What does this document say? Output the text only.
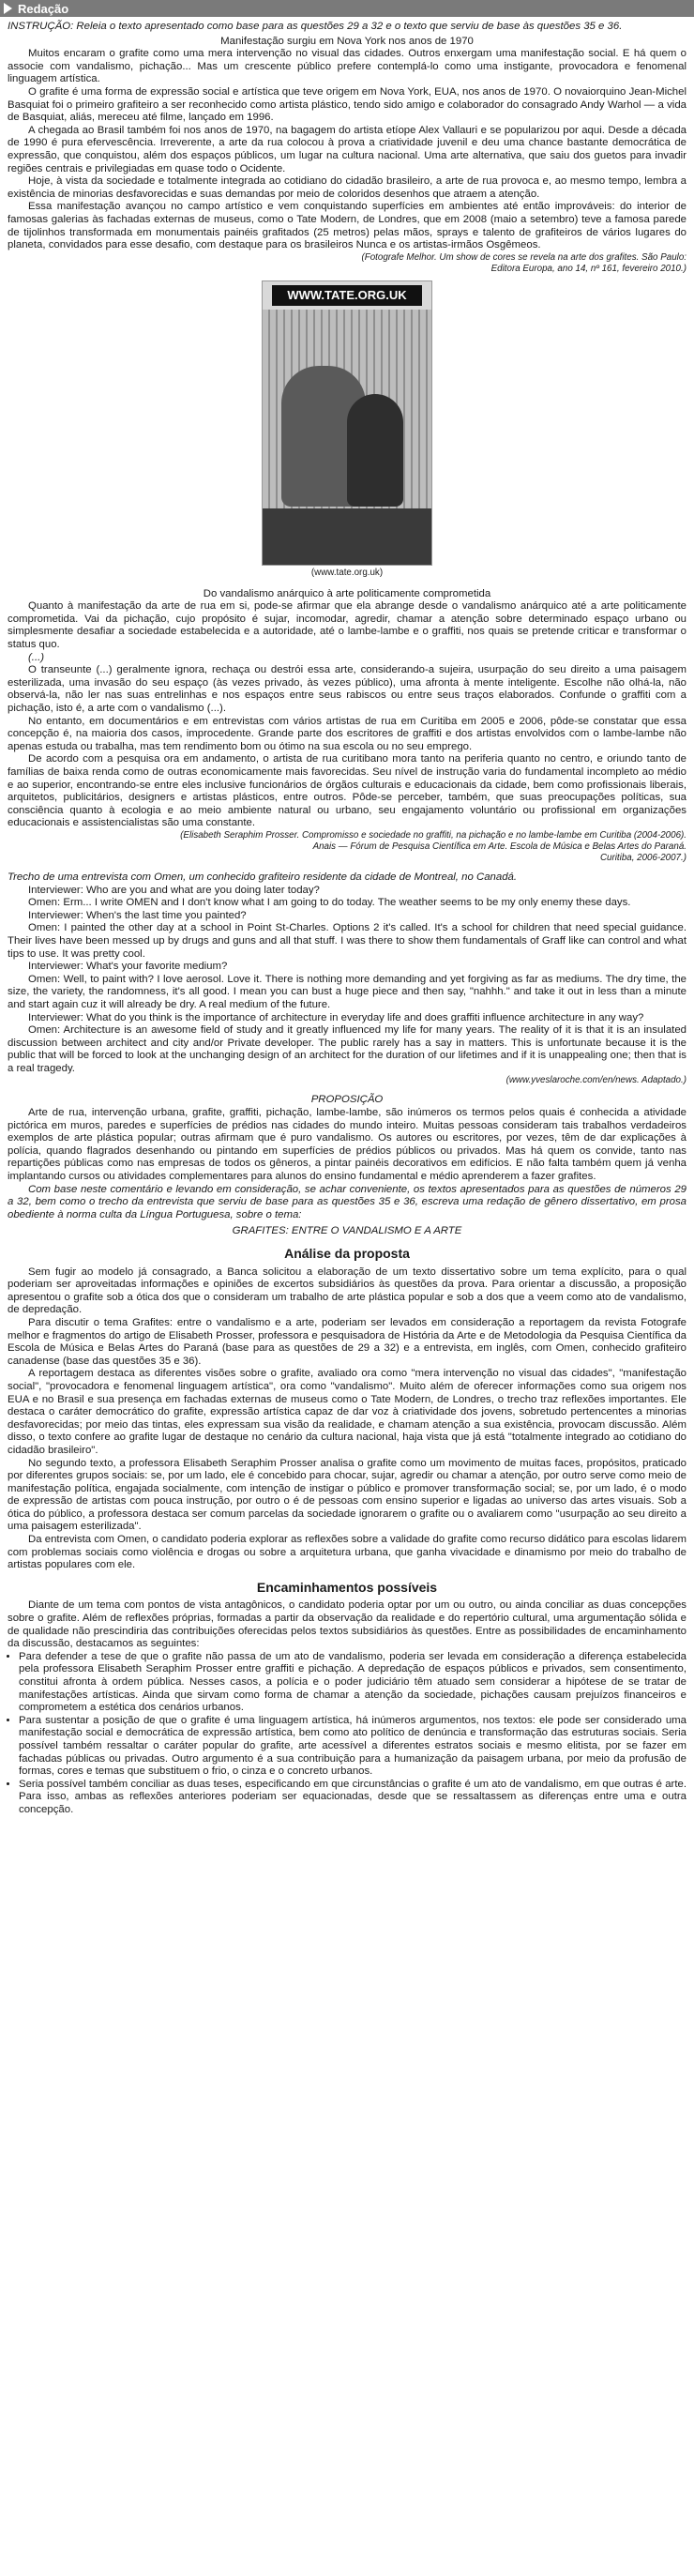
Redação

INSTRUÇÃO: Releia o texto apresentado como base para as questões 29 a 32 e o texto que serviu de base às questões 35 e 36.

Manifestação surgiu em Nova York nos anos de 1970

Muitos encaram o grafite como uma mera intervenção no visual das cidades. Outros enxergam uma manifestação social. E há quem o associe com vandalismo, pichação... Mas um crescente público prefere contemplá-lo como uma instigante, provocadora e fenomenal linguagem artística.

O grafite é uma forma de expressão social e artística que teve origem em Nova York, EUA, nos anos de 1970. O novaiorquino Jean-Michel Basquiat foi o primeiro grafiteiro a ser reconhecido como artista plástico, tendo sido amigo e colaborador do consagrado Andy Warhol — a vida de Basquiat, aliás, mereceu até filme, lançado em 1996.

A chegada ao Brasil também foi nos anos de 1970, na bagagem do artista etíope Alex Vallauri e se popularizou por aqui. Desde a década de 1990 é pura efervescência. Irreverente, a arte da rua colocou à prova a criatividade juvenil e deu uma chance bastante democrática de expressão, que conquistou, além dos espaços públicos, um lugar na cultura nacional. Uma arte alternativa, que saiu dos guetos para invadir regiões centrais e privilegiadas em quase todo o Ocidente.

Hoje, à vista da sociedade e totalmente integrada ao cotidiano do cidadão brasileiro, a arte de rua provoca e, ao mesmo tempo, lembra a existência de minorias desfavorecidas e suas demandas por meio de coloridos desenhos que atraem a atenção.

Essa manifestação avançou no campo artístico e vem conquistando superfícies em ambientes até então improváveis: do interior de famosas galerias às fachadas externas de museus, como o Tate Modern, de Londres, que em 2008 (maio a setembro) teve a famosa parede de tijolinhos transformada em monumentais painéis grafitados (25 metros) pelas mãos, sprays e talento de grafiteiros de vários lugares do planeta, convidados para esse desafio, com destaque para os brasileiros Nunca e os artistas-irmãos Osgêmeos.

(Fotografe Melhor. Um show de cores se revela na arte dos grafites. São Paulo:

Editora Europa, ano 14, nº 161, fevereiro 2010.)

WWW.TATE.ORG.UK
(www.tate.org.uk)

Do vandalismo anárquico à arte politicamente comprometida

Quanto à manifestação da arte de rua em si, pode-se afirmar que ela abrange desde o vandalismo anárquico até a arte politicamente comprometida. Vai da pichação, cujo propósito é sujar, incomodar, agredir, chamar a atenção sobre determinado espaço urbano ou simplesmente desafiar a sociedade estabelecida e a autoridade, até o lambe-lambe e o graffiti, nos quais se pretende criticar e transformar o status quo.

(...)

O transeunte (...) geralmente ignora, rechaça ou destrói essa arte, considerando-a sujeira, usurpação do seu direito a uma paisagem esterilizada, uma invasão do seu espaço (às vezes privado, às vezes público), uma afronta à mente inteligente. Escolhe não olhá-la, não observá-la, não ler nas suas entrelinhas e nos espaços entre seus rabiscos ou entre seus traços elaborados. Confunde o graffiti com a pichação, isto é, a arte com o vandalismo (...).

No entanto, em documentários e em entrevistas com vários artistas de rua em Curitiba em 2005 e 2006, pôde-se constatar que essa concepção é, na maioria dos casos, improcedente. Grande parte dos escritores de graffiti e dos artistas envolvidos com o lambe-lambe não apenas estuda ou trabalha, mas tem rendimento bom ou ótimo na sua escola ou no seu emprego.

De acordo com a pesquisa ora em andamento, o artista de rua curitibano mora tanto na periferia quanto no centro, e oriundo tanto de famílias de baixa renda como de outras economicamente mais favorecidas. Seu nível de instrução varia do fundamental incompleto ao médio e ao superior, encontrando-se entre eles inclusive funcionários de órgãos culturais e educacionais da cidade, bem como profissionais liberais, arquitetos, publicitários, designers e artistas plásticos, entre outros. Pôde-se perceber, também, que suas preocupações políticas, sua consciência quanto à ecologia e ao meio ambiente natural ou urbano, seu engajamento voluntário ou profissional em organizações educacionais e assistencialistas são uma constante.

(Elisabeth Seraphim Prosser. Compromisso e sociedade no graffiti, na pichação e no lambe-lambe em Curitiba (2004-2006).

Anais — Fórum de Pesquisa Científica em Arte. Escola de Música e Belas Artes do Paraná.

Curitiba, 2006-2007.)

Trecho de uma entrevista com Omen, um conhecido grafiteiro residente da cidade de Montreal, no Canadá.

Interviewer: Who are you and what are you doing later today?

Omen: Erm... I write OMEN and I don't know what I am going to do today. The weather seems to be my only enemy these days.

Interviewer: When's the last time you painted?

Omen: I painted the other day at a school in Point St-Charles. Options 2 it's called. It's a school for children that need special guidance. Their lives have been messed up by drugs and guns and all that stuff. I was there to show them fundamentals of Graff like can control and what tips to use. It was pretty cool.

Interviewer: What's your favorite medium?

Omen: Well, to paint with? I love aerosol. Love it. There is nothing more demanding and yet forgiving as far as mediums. The dry time, the size, the variety, the randomness, it's all good. I mean you can bust a huge piece and then say, "nahhh." and take it out in less than a minute and start again cuz it will already be dry. A real medium of the future.

Interviewer: What do you think is the importance of architecture in everyday life and does graffiti influence architecture in any way?

Omen: Architecture is an awesome field of study and it greatly influenced my life for many years. The reality of it is that it is an insulated discussion between architect and city and/or Private developer. The public rarely has a say in matters. This is unfortunate because it is the public that will be forced to look at the unchanging design of an architect for the duration of our lifetimes and if it is unappealing one; then that is a real tragedy.

(www.yveslaroche.com/en/news. Adaptado.)

PROPOSIÇÃO

Arte de rua, intervenção urbana, grafite, graffiti, pichação, lambe-lambe, são inúmeros os termos pelos quais é conhecida a atividade pictórica em muros, paredes e superfícies de prédios nas cidades do mundo inteiro. Muitas pessoas consideram tais trabalhos verdadeiros exemplos de arte plástica popular; outras afirmam que é puro vandalismo. Os autores ou escritores, por vezes, têm de dar explicações à polícia, quando flagrados desenhando ou pintando em superfícies de prédios públicos ou privados. Mas há quem os convide, tanto nas repartições públicas como nas empresas de todos os gêneros, a pintar painéis decorativos em edifícios. E não falta também quem já venha implantando cursos ou atividades complementares para alunos do ensino fundamental e médio aprenderem a fazer grafites.

Com base neste comentário e levando em consideração, se achar conveniente, os textos apresentados para as questões de números 29 a 32, bem como o trecho da entrevista que serviu de base para as questões 35 e 36, escreva uma redação de gênero dissertativo, em prosa obediente à norma culta da Língua Portuguesa, sobre o tema:

GRAFITES: ENTRE O VANDALISMO E A ARTE

Análise da proposta

Sem fugir ao modelo já consagrado, a Banca solicitou a elaboração de um texto dissertativo sobre um tema explícito, para o qual poderiam ser aproveitadas informações e opiniões de excertos subsidiários às questões da prova. Para orientar a discussão, a proposição apresentou o grafite sob a ótica dos que o consideram um trabalho de arte plástica popular e sob a dos que a veem como ato de vandalismo, de depredação.

Para discutir o tema Grafites: entre o vandalismo e a arte, poderiam ser levados em consideração a reportagem da revista Fotografe melhor e fragmentos do artigo de Elisabeth Prosser, professora e pesquisadora de História da Arte e de Metodologia da Pesquisa Científica da Escola de Música e Belas Artes do Paraná (base para as questões de 29 a 32) e a entrevista, em inglês, com Omen, conhecido grafiteiro canadense (base das questões 35 e 36).

A reportagem destaca as diferentes visões sobre o grafite, avaliado ora como "mera intervenção no visual das cidades", "manifestação social", "provocadora e fenomenal linguagem artística", ora como "vandalismo". Muito além de oferecer informações como sua origem nos EUA e no Brasil e sua presença em fachadas externas de museus como o Tate Modern, de Londres, o trecho traz reflexões importantes. Ele destaca o caráter democrático do grafite, expressão artística capaz de dar voz à criatividade dos jovens, sobretudo pertencentes a minorias desfavorecidas; por meio das tintas, eles expressam sua visão da realidade, e chamam atenção a sua existência, provocam discussão. Além disso, o texto confere ao grafite lugar de destaque no cenário da cultura nacional, haja vista que já está "totalmente integrado ao cotidiano do cidadão brasileiro".

No segundo texto, a professora Elisabeth Seraphim Prosser analisa o grafite como um movimento de muitas faces, propósitos, praticado por diferentes grupos sociais: se, por um lado, ele é concebido para chocar, sujar, agredir ou chamar a atenção, por outro serve como meio de manifestação política, engajada socialmente, com intenção de instigar o público e promover transformação social; se, por um lado, é o modo de expressão de artistas com pouca instrução, por outro o é de pessoas com ensino superior e ligadas ao universo das artes visuais. Sob a ótica do público, a professora destaca ser comum parcelas da sociedade ignorarem o grafite ou o avaliarem como "usurpação ao seu direito a uma paisagem esterilizada".

Da entrevista com Omen, o candidato poderia explorar as reflexões sobre a validade do grafite como recurso didático para escolas lidarem com problemas sociais como violência e drogas ou sobre a arquitetura urbana, que ganha vivacidade e dinamismo por meio do trabalho de artistas populares com ele.

Encaminhamentos possíveis

Diante de um tema com pontos de vista antagônicos, o candidato poderia optar por um ou outro, ou ainda conciliar as duas concepções sobre o grafite. Além de reflexões próprias, formadas a partir da observação da realidade e do repertório cultural, uma argumentação sólida e de qualidade não prescindiria das contribuições oferecidas pelos textos subsidiários às questões. Entre as possibilidades de encaminhamento da discussão, destacamos as seguintes:

• Para defender a tese de que o grafite não passa de um ato de vandalismo, poderia ser levada em consideração a diferença estabelecida pela professora Elisabeth Seraphim Prosser entre graffiti e pichação. A depredação de espaços públicos e privados, sem consentimento, constitui afronta à ordem pública. Nesses casos, a polícia e o poder judiciário têm atuado sem considerar a hipótese de se tratar de manifestações artísticas. Ainda que sirvam como forma de chamar a atenção da sociedade, pichações causam prejuízos financeiros e comprometem a estética dos cenários urbanos.
• Para sustentar a posição de que o grafite é uma linguagem artística, há inúmeros argumentos, nos textos: ele pode ser considerado uma manifestação social e democrática de expressão artística, bem como ato político de denúncia e transformação das estruturas sociais. Seria possível também ressaltar o caráter popular do grafite, arte acessível a diferentes estratos sociais e mesmo elitista, por se fazer em fachadas públicas ou privadas. Outro argumento é a sua contribuição para a humanização da paisagem urbana, por meio da profusão de formas, cores e temas que substituem o frio, o cinza e o concreto urbanos.
• Seria possível também conciliar as duas teses, especificando em que circunstâncias o grafite é um ato de vandalismo, em que outras é arte. Para isso, ambas as reflexões anteriores poderiam ser equacionadas, desde que se ressaltassem as diferenças entre uma e outra concepção.
